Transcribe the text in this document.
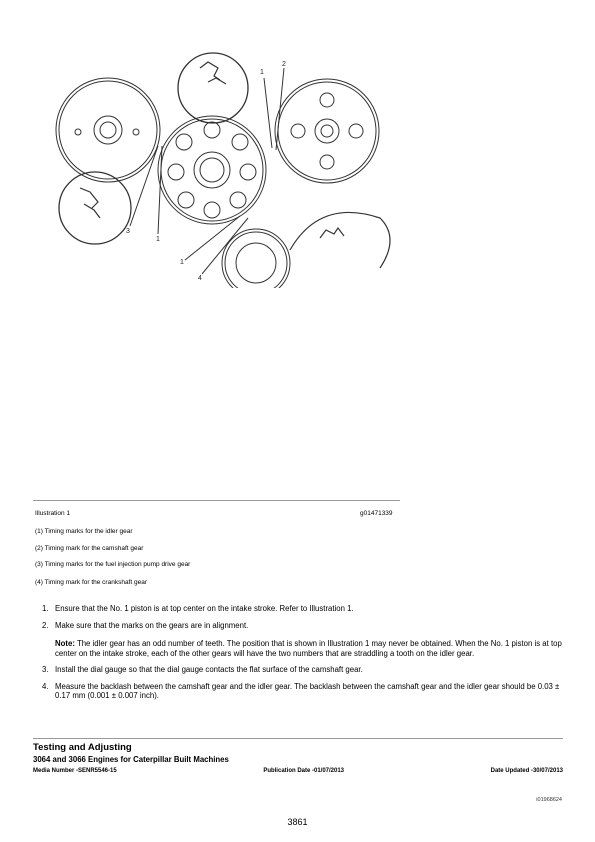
1
2
3
1
1
4
Illustration 1	g01471339
(1) Timing marks for the idler gear
(2) Timing mark for the camshaft gear
(3) Timing marks for the fuel injection pump drive gear
(4) Timing mark for the crankshaft gear
1. Ensure that the No. 1 piston is at top center on the intake stroke. Refer to Illustration 1.
2. Make sure that the marks on the gears are in alignment.
Note: The idler gear has an odd number of teeth. The position that is shown in Illustration 1 may never be obtained. When the No. 1 piston is at top center on the intake stroke, each of the other gears will have the two numbers that are straddling a tooth on the idler gear.
3. Install the dial gauge so that the dial gauge contacts the flat surface of the camshaft gear.
4. Measure the backlash between the camshaft gear and the idler gear. The backlash between the camshaft gear and the idler gear should be 0.03 ± 0.17 mm (0.001 ± 0.007 inch).
Testing and Adjusting
3064 and 3066 Engines for Caterpillar Built Machines
Media Number -SENR5546-15	Publication Date -01/07/2013	Date Updated -30/07/2013
i01968624
3861
